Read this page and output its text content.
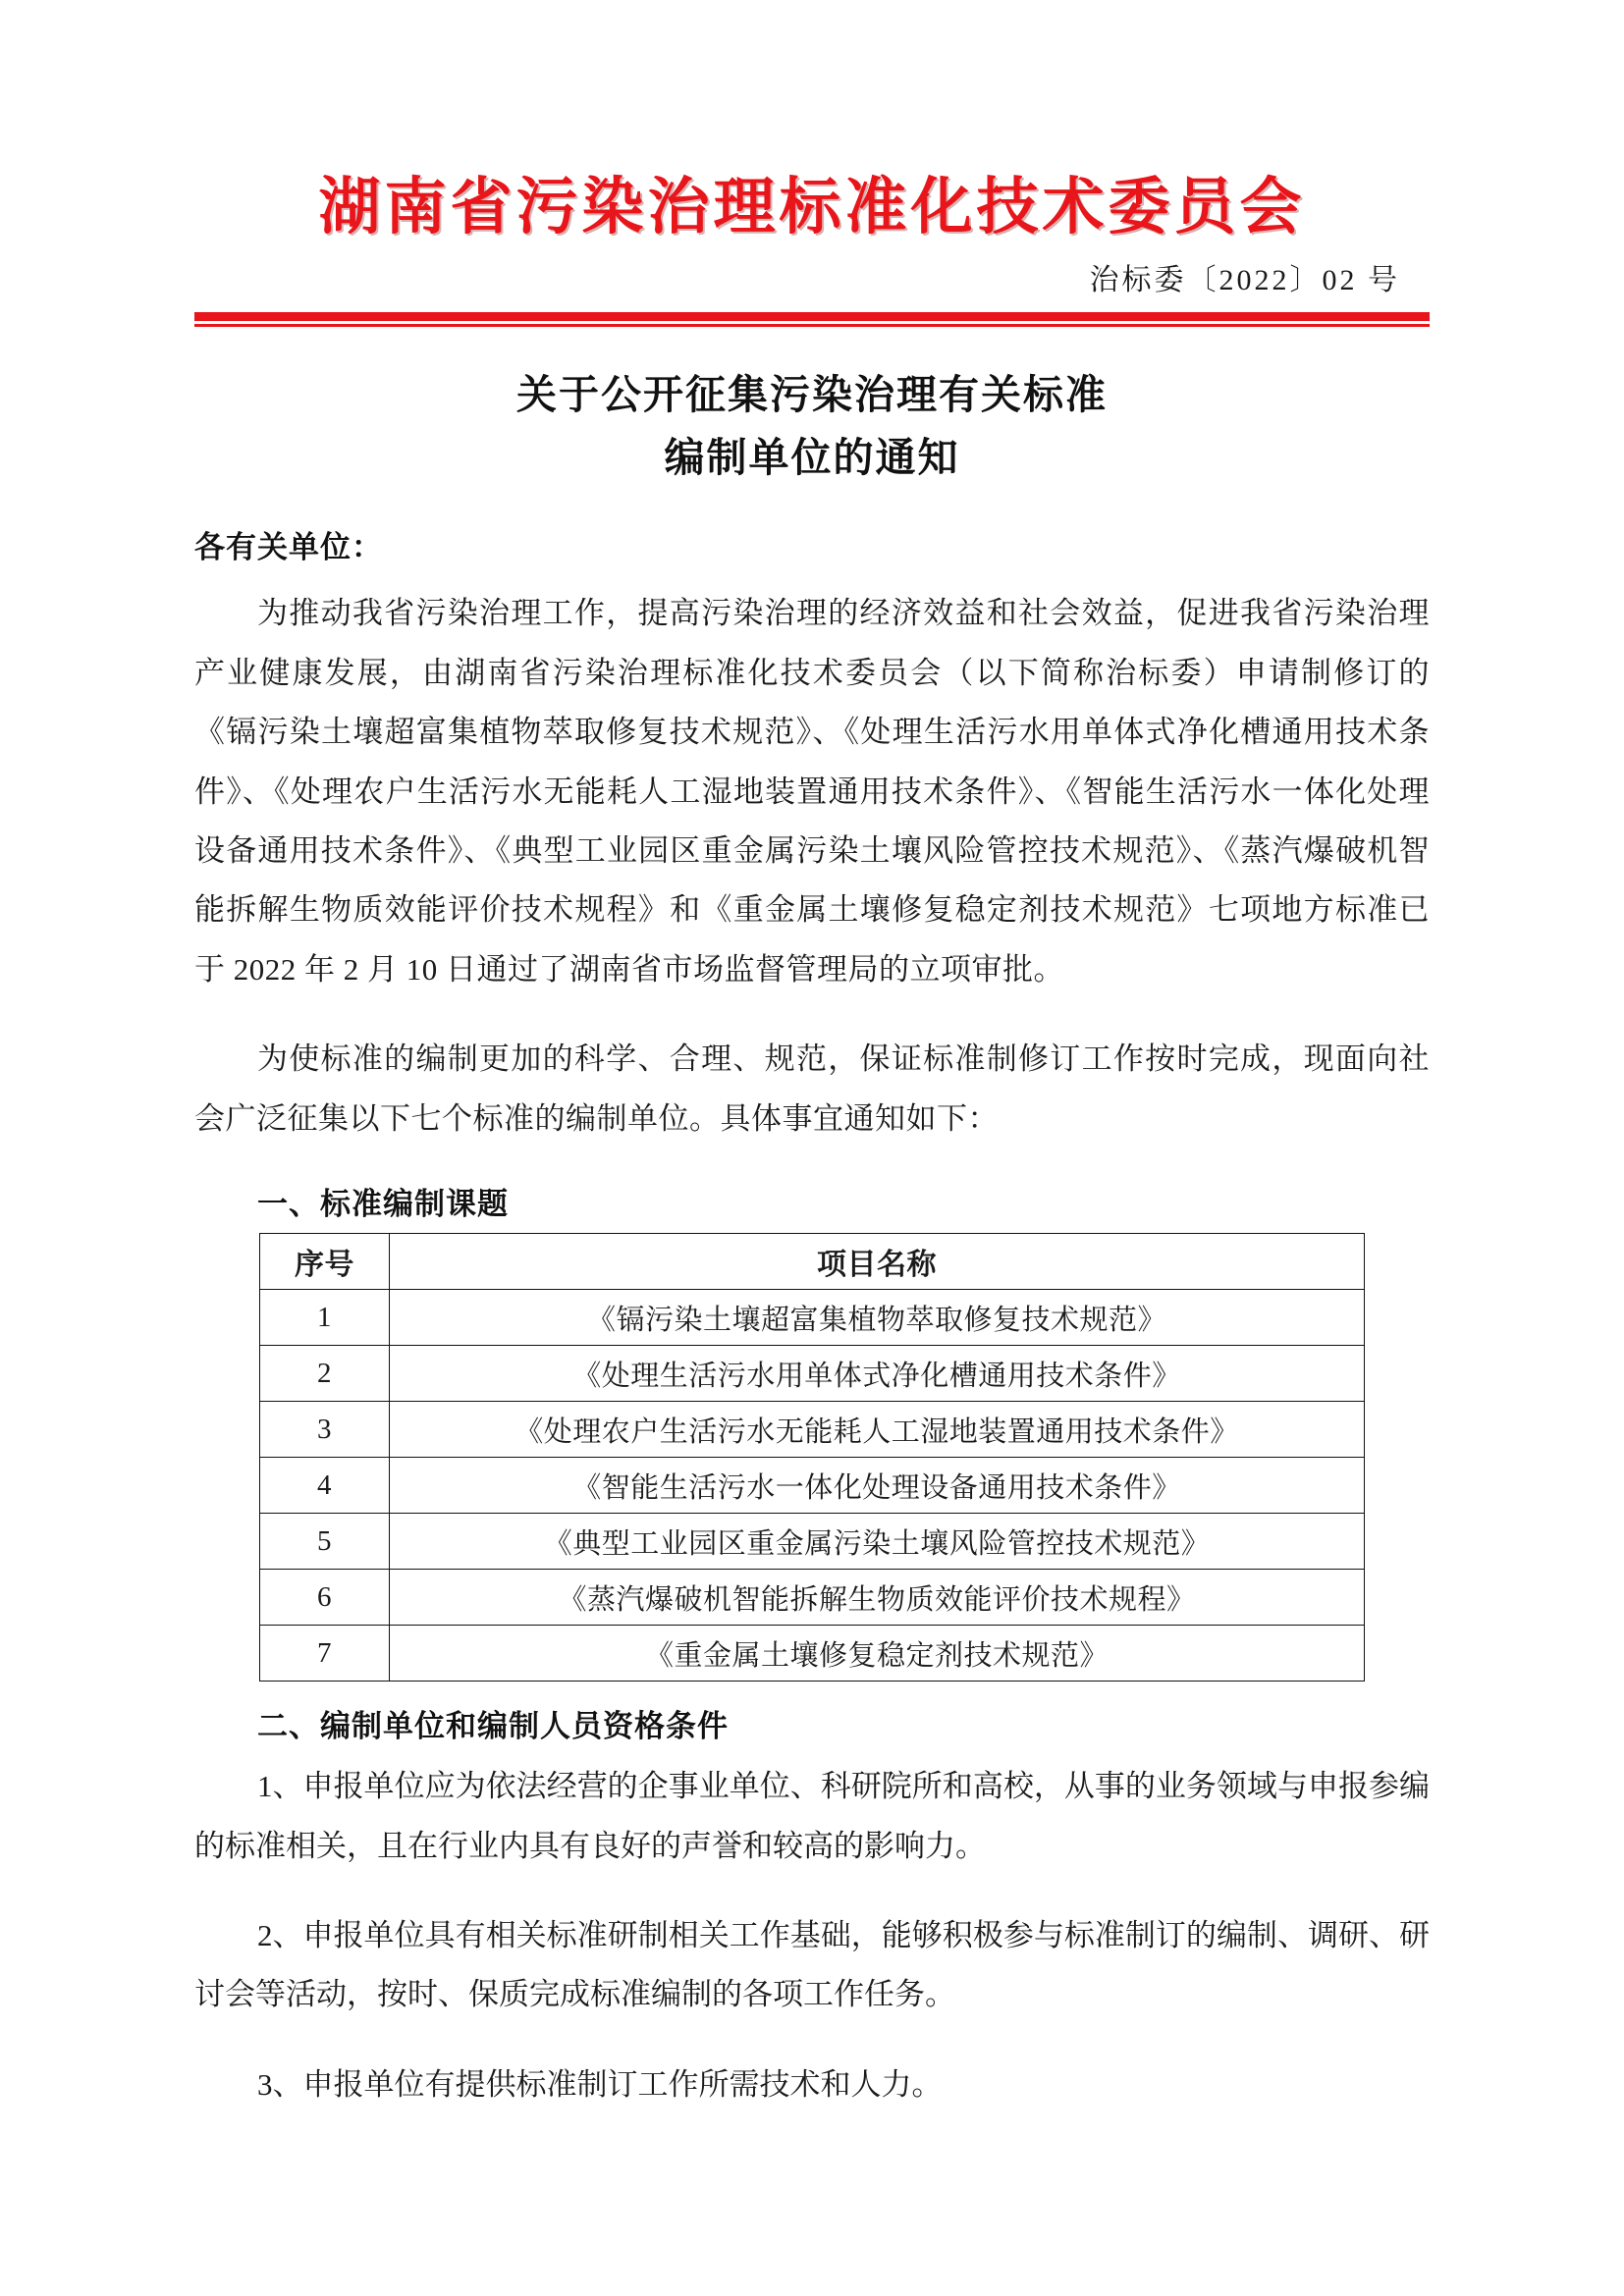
湖南省污染治理标准化技术委员会
治标委〔2022〕02 号
关于公开征集污染治理有关标准
编制单位的通知
各有关单位：

为推动我省污染治理工作，提高污染治理的经济效益和社会效益，促进我省污染治理产业健康发展，由湖南省污染治理标准化技术委员会（以下简称治标委）申请制修订的《镉污染土壤超富集植物萃取修复技术规范》、《处理生活污水用单体式净化槽通用技术条件》、《处理农户生活污水无能耗人工湿地装置通用技术条件》、《智能生活污水一体化处理设备通用技术条件》、《典型工业园区重金属污染土壤风险管控技术规范》、《蒸汽爆破机智能拆解生物质效能评价技术规程》和《重金属土壤修复稳定剂技术规范》七项地方标准已于 2022 年 2 月 10 日通过了湖南省市场监督管理局的立项审批。

为使标准的编制更加的科学、合理、规范，保证标准制修订工作按时完成，现面向社会广泛征集以下七个标准的编制单位。具体事宜通知如下：

一、标准编制课题
序号	项目名称
1	《镉污染土壤超富集植物萃取修复技术规范》
2	《处理生活污水用单体式净化槽通用技术条件》
3	《处理农户生活污水无能耗人工湿地装置通用技术条件》
4	《智能生活污水一体化处理设备通用技术条件》
5	《典型工业园区重金属污染土壤风险管控技术规范》
6	《蒸汽爆破机智能拆解生物质效能评价技术规程》
7	《重金属土壤修复稳定剂技术规范》
二、编制单位和编制人员资格条件

1、申报单位应为依法经营的企事业单位、科研院所和高校，从事的业务领域与申报参编的标准相关，且在行业内具有良好的声誉和较高的影响力。

2、申报单位具有相关标准研制相关工作基础，能够积极参与标准制订的编制、调研、研讨会等活动，按时、保质完成标准编制的各项工作任务。

3、申报单位有提供标准制订工作所需技术和人力。
